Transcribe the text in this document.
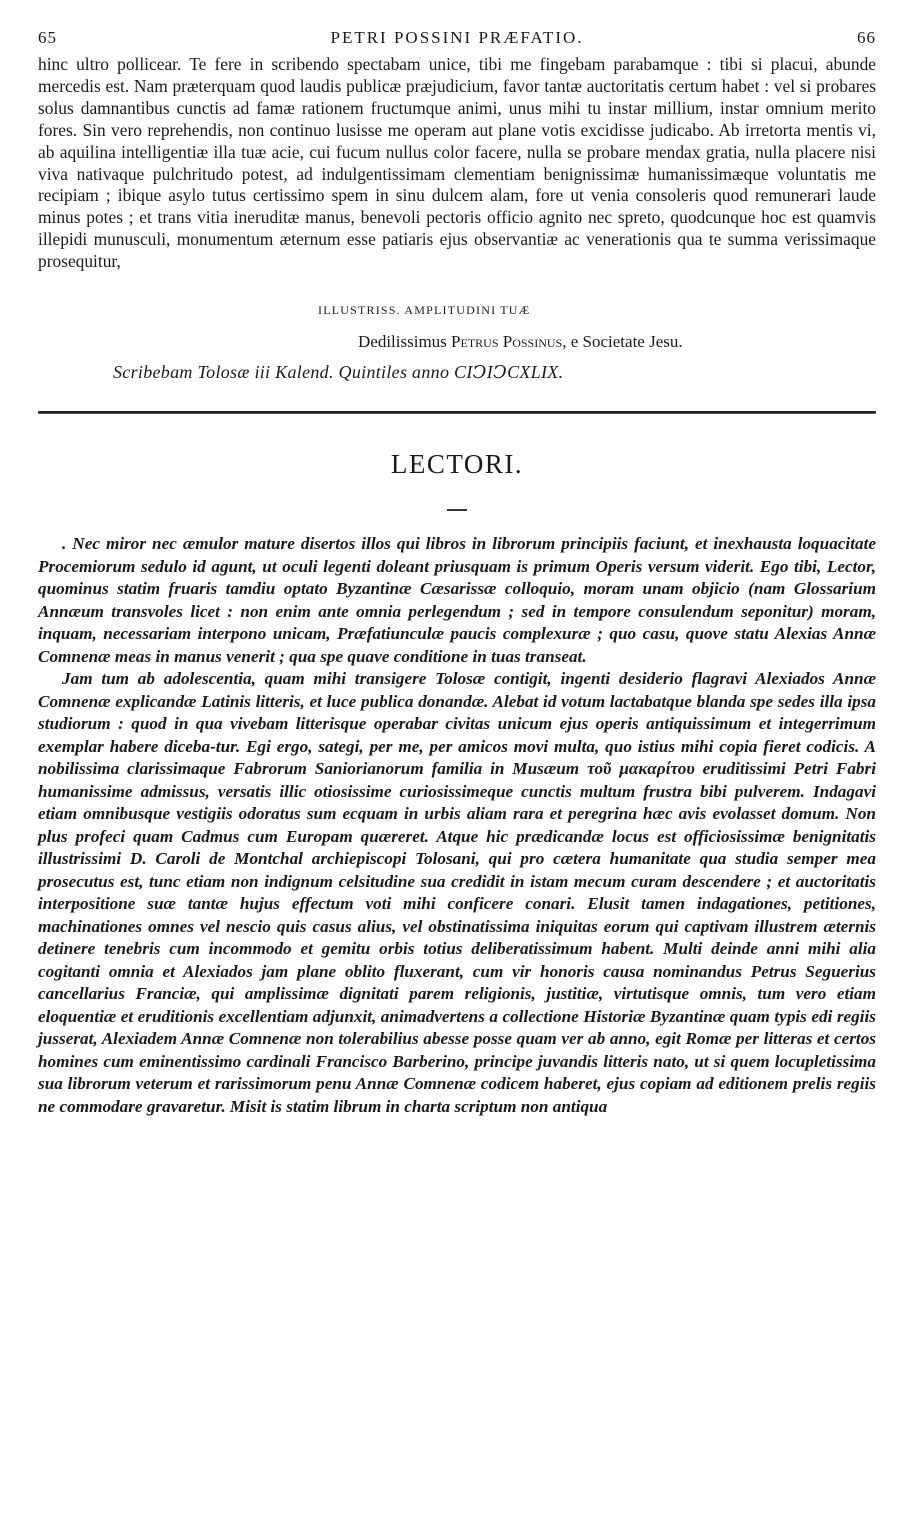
65	PETRI POSSINI PRÆFATIO.	66

hinc ultro pollicear. Te fere in scribendo spectabam unice, tibi me fingebam parabamque : tibi si placui, abunde mercedis est. Nam præterquam quod laudis publicæ præjudicium, favor tantæ auctoritatis certum habet : vel si probares solus damnantibus cunctis ad famæ rationem fructumque animi, unus mihi tu instar millium, instar omnium merito fores. Sin vero reprehendis, non continuo lusisse me operam aut plane votis excidisse judicabo. Ab irretorta mentis vi, ab aquilina intelligentiæ illa tuæ acie, cui fucum nullus color facere, nulla se probare mendax gratia, nulla placere nisi viva nativaque pulchritudo potest, ad indulgentissimam clementiam benignissimæ humanissimæque voluntatis me recipiam ; ibique asylo tutus certissimo spem in sinu dulcem alam, fore ut venia consoleris quod remunerari laude minus potes ; et trans vitia ineruditæ manus, benevoli pectoris officio agnito nec spreto, quodcunque hoc est quamvis illepidi munusculi, monumentum æternum esse patiaris ejus observantiæ ac venerationis qua te summa verissimaque prosequitur,

ILLUSTRISS. AMPLITUDINI TUÆ
Dedilissimus Petrus Possinus, e Societate Jesu.
Scribebam Tolosæ iii Kalend. Quintiles anno CIↃIↃCXLIX.
LECTORI.

. Nec miror nec æmulor mature disertos illos qui libros in librorum principiis faciunt, et inexhausta loquacitate Procemiorum sedulo id agunt, ut oculi legenti doleant priusquam is primum Operis versum viderit. Ego tibi, Lector, quominus statim fruaris tamdiu optato Byzantinæ Cæsarissæ colloquio, moram unam objicio (nam Glossarium Annæum transvoles licet : non enim ante omnia perlegendum ; sed in tempore consulendum seponitur) moram, inquam, necessariam interpono unicam, Præfatiunculæ paucis complexuræ ; quo casu, quove statu Alexias Annæ Comnenæ meas in manus venerit ; qua spe quave conditione in tuas transeat.

Jam tum ab adolescentia, quam mihi transigere Tolosæ contigit, ingenti desiderio flagravi Alexiados Annæ Comnenæ explicandæ Latinis litteris, et luce publica donandæ. Alebat id votum lactabatque blanda spe sedes illa ipsa studiorum : quod in qua vivebam litterisque operabar civitas unicum ejus operis antiquissimum et integerrimum exemplar habere diceba-tur. Egi ergo, sategi, per me, per amicos movi multa, quo istius mihi copia fieret codicis. A nobilissima clarissimaque Fabrorum Saniorianorum familia in Musæum τοῦ μακαρίτου eruditissimi Petri Fabri humanissime admissus, versatis illic otiosissime curiosissimeque cunctis multum frustra bibi pulverem. Indagavi etiam omnibusque vestigiis odoratus sum ecquam in urbis aliam rara et peregrina hæc avis evolasset domum. Non plus profeci quam Cadmus cum Europam quæreret. Atque hic prædicandæ locus est officiosissimæ benignitatis illustrissimi D. Caroli de Montchal archiepiscopi Tolosani, qui pro cætera humanitate qua studia semper mea prosecutus est, tunc etiam non indignum celsitudine sua credidit in istam mecum curam descendere ; et auctoritatis interpositione suæ tantæ hujus effectum voti mihi conficere conari. Elusit tamen indagationes, petitiones, machinationes omnes vel nescio quis casus alius, vel obstinatissima iniquitas eorum qui captivam illustrem æternis detinere tenebris cum incommodo et gemitu orbis totius deliberatissimum habent. Multi deinde anni mihi alia cogitanti omnia et Alexiados jam plane oblito fluxerant, cum vir honoris causa nominandus Petrus Seguerius cancellarius Franciæ, qui amplissimæ dignitati parem religionis, justitiæ, virtutisque omnis, tum vero etiam eloquentiæ et eruditionis excellentiam adjunxit, animadvertens a collectione Historiæ Byzantinæ quam typis edi regiis jusserat, Alexiadem Annæ Comnenæ non tolerabilius abesse posse quam ver ab anno, egit Romæ per litteras et certos homines cum eminentissimo cardinali Francisco Barberino, principe juvandis litteris nato, ut si quem locupletissima sua librorum veterum et rarissimorum penu Annæ Comnenæ codicem haberet, ejus copiam ad editionem prelis regiis ne commodare gravaretur. Misit is statim librum in charta scriptum non antiqua
